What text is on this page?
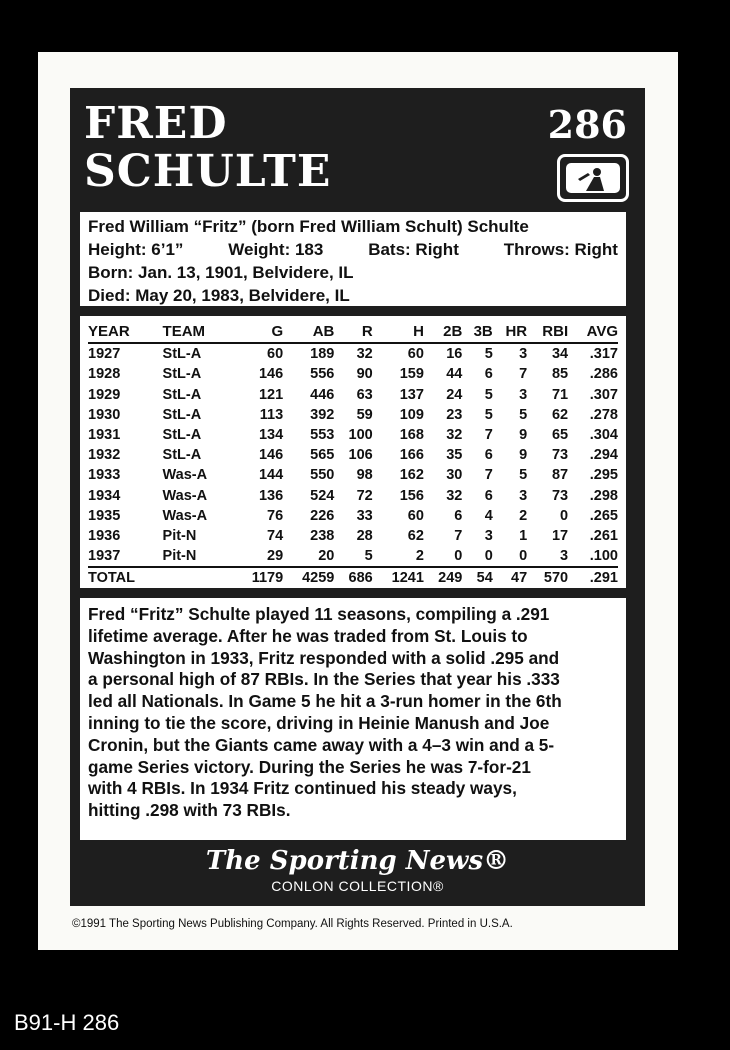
FRED
SCHULTE
286
Fred William “Fritz” (born Fred William Schult) Schulte
Height: 6’1”	Weight: 183	Bats: Right	Throws: Right
Born: Jan. 13, 1901, Belvidere, IL
Died: May 20, 1983, Belvidere, IL
YEAR	TEAM	G	AB	R	H	2B	3B	HR	RBI	AVG
1927	StL-A	60	189	32	60	16	5	3	34	.317
1928	StL-A	146	556	90	159	44	6	7	85	.286
1929	StL-A	121	446	63	137	24	5	3	71	.307
1930	StL-A	113	392	59	109	23	5	5	62	.278
1931	StL-A	134	553	100	168	32	7	9	65	.304
1932	StL-A	146	565	106	166	35	6	9	73	.294
1933	Was-A	144	550	98	162	30	7	5	87	.295
1934	Was-A	136	524	72	156	32	6	3	73	.298
1935	Was-A	76	226	33	60	6	4	2	0	.265
1936	Pit-N	74	238	28	62	7	3	1	17	.261
1937	Pit-N	29	20	5	2	0	0	0	3	.100
TOTAL		1179	4259	686	1241	249	54	47	570	.291
Fred “Fritz” Schulte played 11 seasons, compiling a .291
lifetime average. After he was traded from St. Louis to
Washington in 1933, Fritz responded with a solid .295 and
a personal high of 87 RBIs. In the Series that year his .333
led all Nationals. In Game 5 he hit a 3-run homer in the 6th
inning to tie the score, driving in Heinie Manush and Joe
Cronin, but the Giants came away with a 4–3 win and a 5-
game Series victory. During the Series he was 7-for-21
with 4 RBIs. In 1934 Fritz continued his steady ways,
hitting .298 with 73 RBIs.
The Sporting News®
CONLON COLLECTION®
©1991 The Sporting News Publishing Company. All Rights Reserved. Printed in U.S.A.
B91-H 286
